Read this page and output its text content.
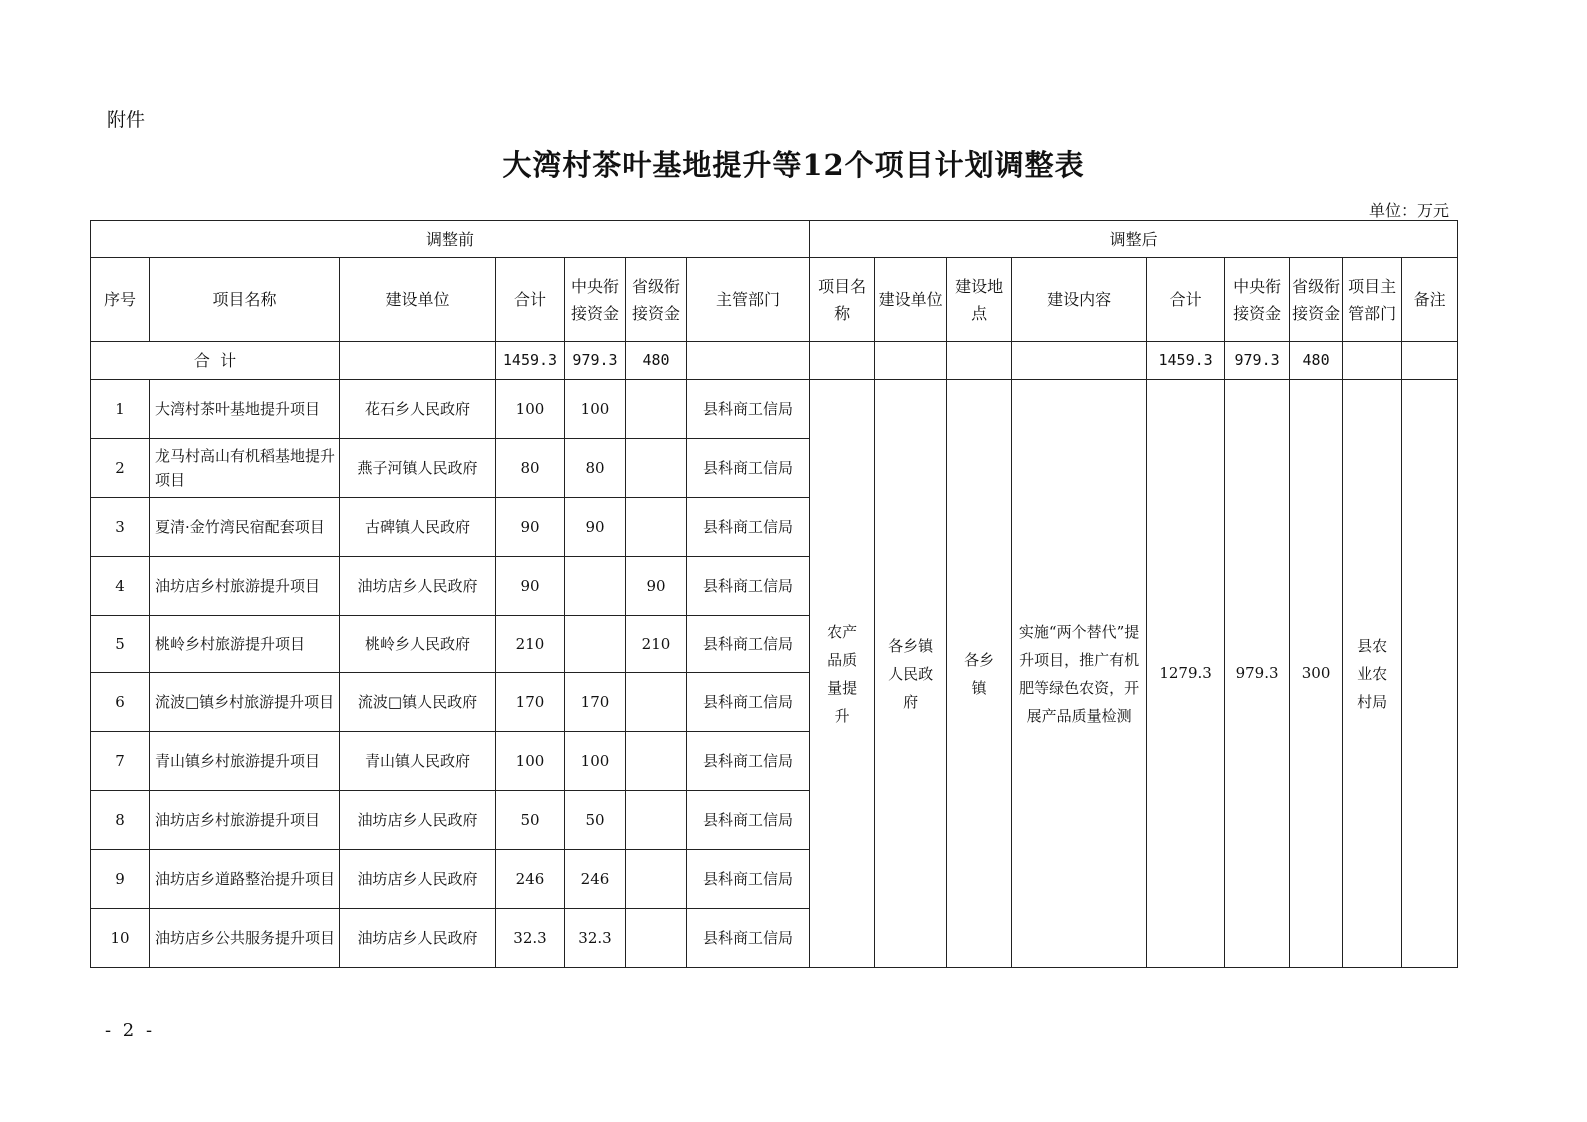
附件
大湾村茶叶基地提升等12个项目计划调整表
单位：万元
调整前							调整后								
序号	项目名称	建设单位	合计	中央衔接资金	省级衔接资金	主管部门	项目名称	建设单位	建设地点	建设内容	合计	中央衔接资金	省级衔接资金	项目主管部门	备注
合  计			1459.3	979.3	480						1459.3	979.3	480		
1	大湾村茶叶基地提升项目	花石乡人民政府	100	100		县科商工信局	农产品质量提升	各乡镇人民政府	各乡镇	实施“两个替代”提升项目，推广有机肥等绿色农资，开展产品质量检测	1279.3	979.3	300	县农业农村局	

2	龙马村高山有机稻基地提升项目	燕子河镇人民政府	80	80		县科商工信局									
3	夏清·金竹湾民宿配套项目	古碑镇人民政府	90	90		县科商工信局									
4	油坊店乡村旅游提升项目	油坊店乡人民政府	90		90	县科商工信局									
5	桃岭乡村旅游提升项目	桃岭乡人民政府	210		210	县科商工信局									
6	流波□镇乡村旅游提升项目	流波□镇人民政府	170	170		县科商工信局									
7	青山镇乡村旅游提升项目	青山镇人民政府	100	100		县科商工信局									
8	油坊店乡村旅游提升项目	油坊店乡人民政府	50	50		县科商工信局									
9	油坊店乡道路整治提升项目	油坊店乡人民政府	246	246		县科商工信局									
10	油坊店乡公共服务提升项目	油坊店乡人民政府	32.3	32.3		县科商工信局									
- 2 -
